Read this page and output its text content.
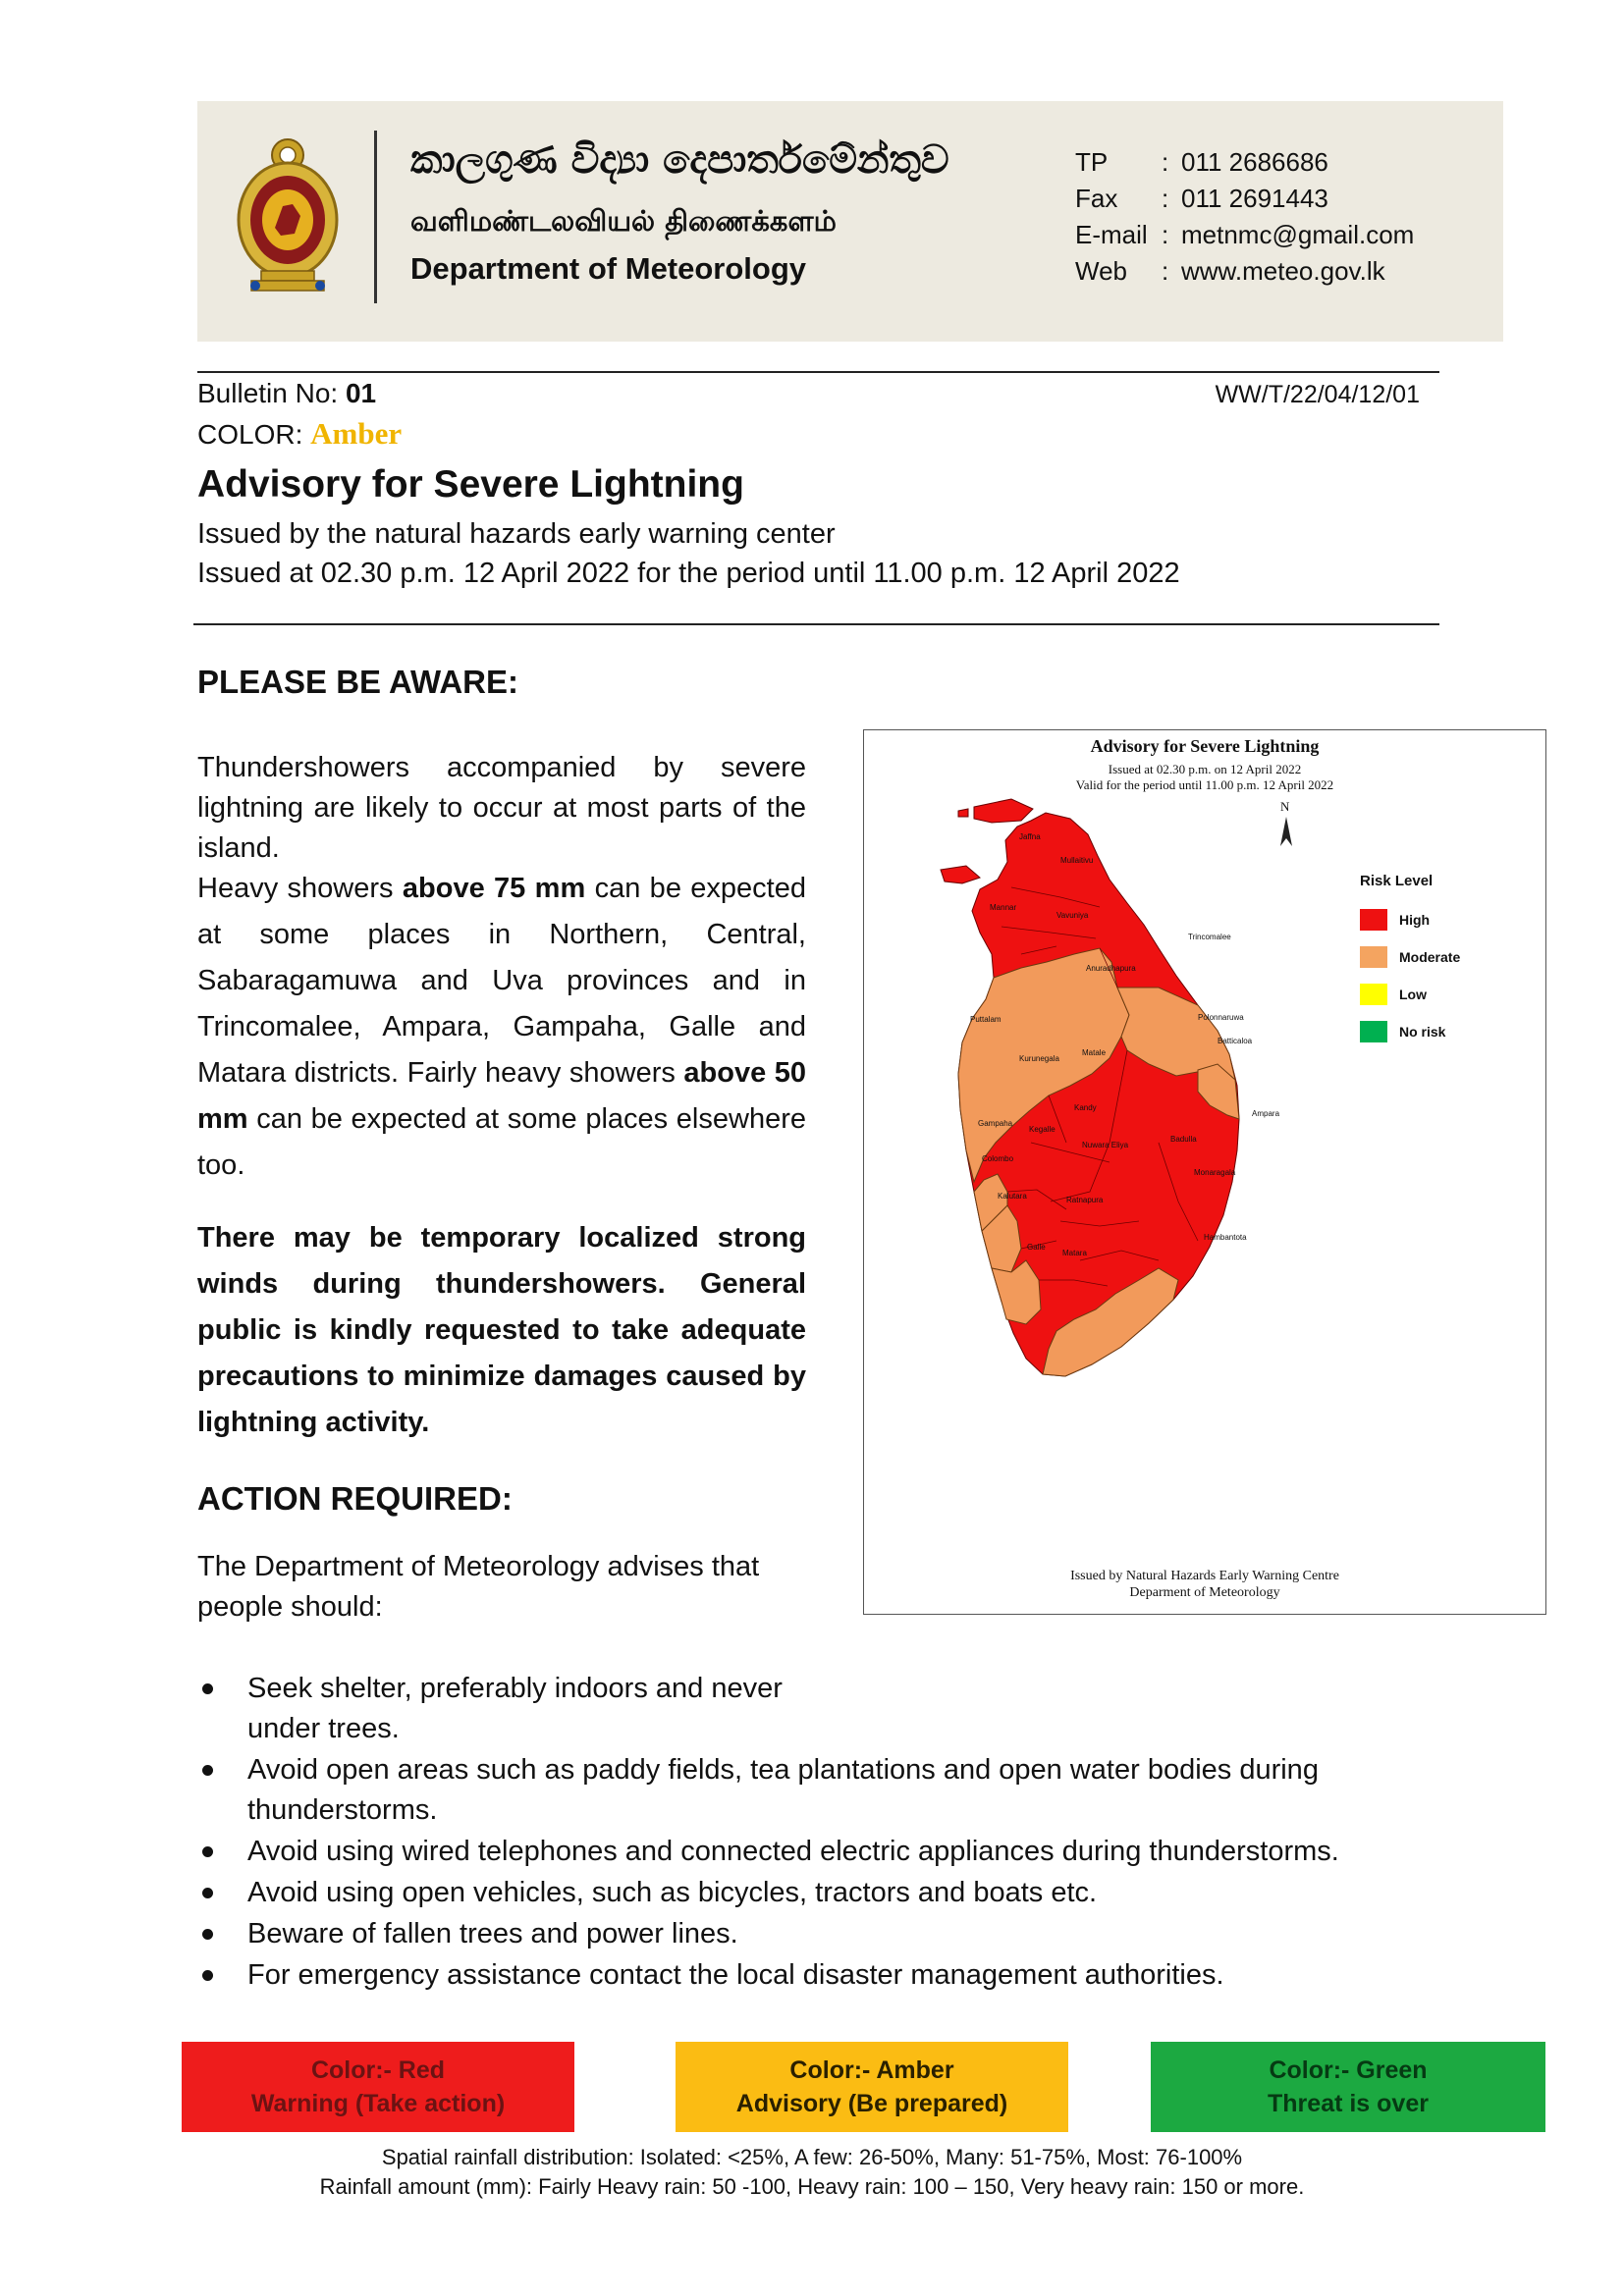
කාලගුණ විද්‍යා දෙපාර්තමේන්තුව
வளிமண்டலவியல் திணைக்களம்
Department of Meteorology
TP	: 011 2686686
Fax	: 011 2691443
E-mail : metnmc@gmail.com
Web	: www.meteo.gov.lk
Bulletin No: 01
COLOR: Amber
WW/T/22/04/12/01
Advisory for Severe Lightning
Issued by the natural hazards early warning center
Issued at 02.30 p.m. 12 April 2022 for the period until 11.00 p.m. 12 April 2022
PLEASE BE AWARE:
Thundershowers accompanied by severe lightning are likely to occur at most parts of the island.
Heavy showers above 75 mm can be expected at some places in Northern, Central, Sabaragamuwa and Uva provinces and in Trincomalee, Ampara, Gampaha, Galle and Matara districts. Fairly heavy showers above 50 mm can be expected at some places elsewhere too.
There may be temporary localized strong winds during thundershowers. General public is kindly requested to take adequate precautions to minimize damages caused by lightning activity.
ACTION REQUIRED:
The Department of Meteorology advises that people should:
Seek shelter, preferably indoors and never under trees.
Avoid open areas such as paddy fields, tea plantations and open water bodies during thunderstorms.
Avoid using wired telephones and connected electric appliances during thunderstorms.
Avoid using open vehicles, such as bicycles, tractors and boats etc.
Beware of fallen trees and power lines.
For emergency assistance contact the local disaster management authorities.
Advisory for Severe Lightning
Issued at 02.30 p.m. on 12 April 2022
Valid for the period until 11.00 p.m. 12 April 2022
N
Risk Level
High
Moderate
Low
No risk
Jaffna
Mullaitivu
Mannar
Vavuniya
Trincomalee
Anuradhapura
Puttalam	Polonnaruwa
Batticaloa
Kurunegala
Matale
Gampaha
Kegalle
Kandy
Ampara
Nuwara Eliya
Badulla
Colombo
Monaragala
Kalutara	Ratnapura
Hambantota
Galle
Matara
Issued by Natural Hazards Early Warning Centre
Deparment of Meteorology
Color:- Red
Warning (Take action)
Color:- Amber
Advisory (Be prepared)
Color:- Green
Threat is over
Spatial rainfall distribution: Isolated: <25%, A few: 26-50%, Many: 51-75%, Most: 76-100%
Rainfall amount (mm): Fairly Heavy rain: 50 -100, Heavy rain: 100 – 150, Very heavy rain: 150 or more.
